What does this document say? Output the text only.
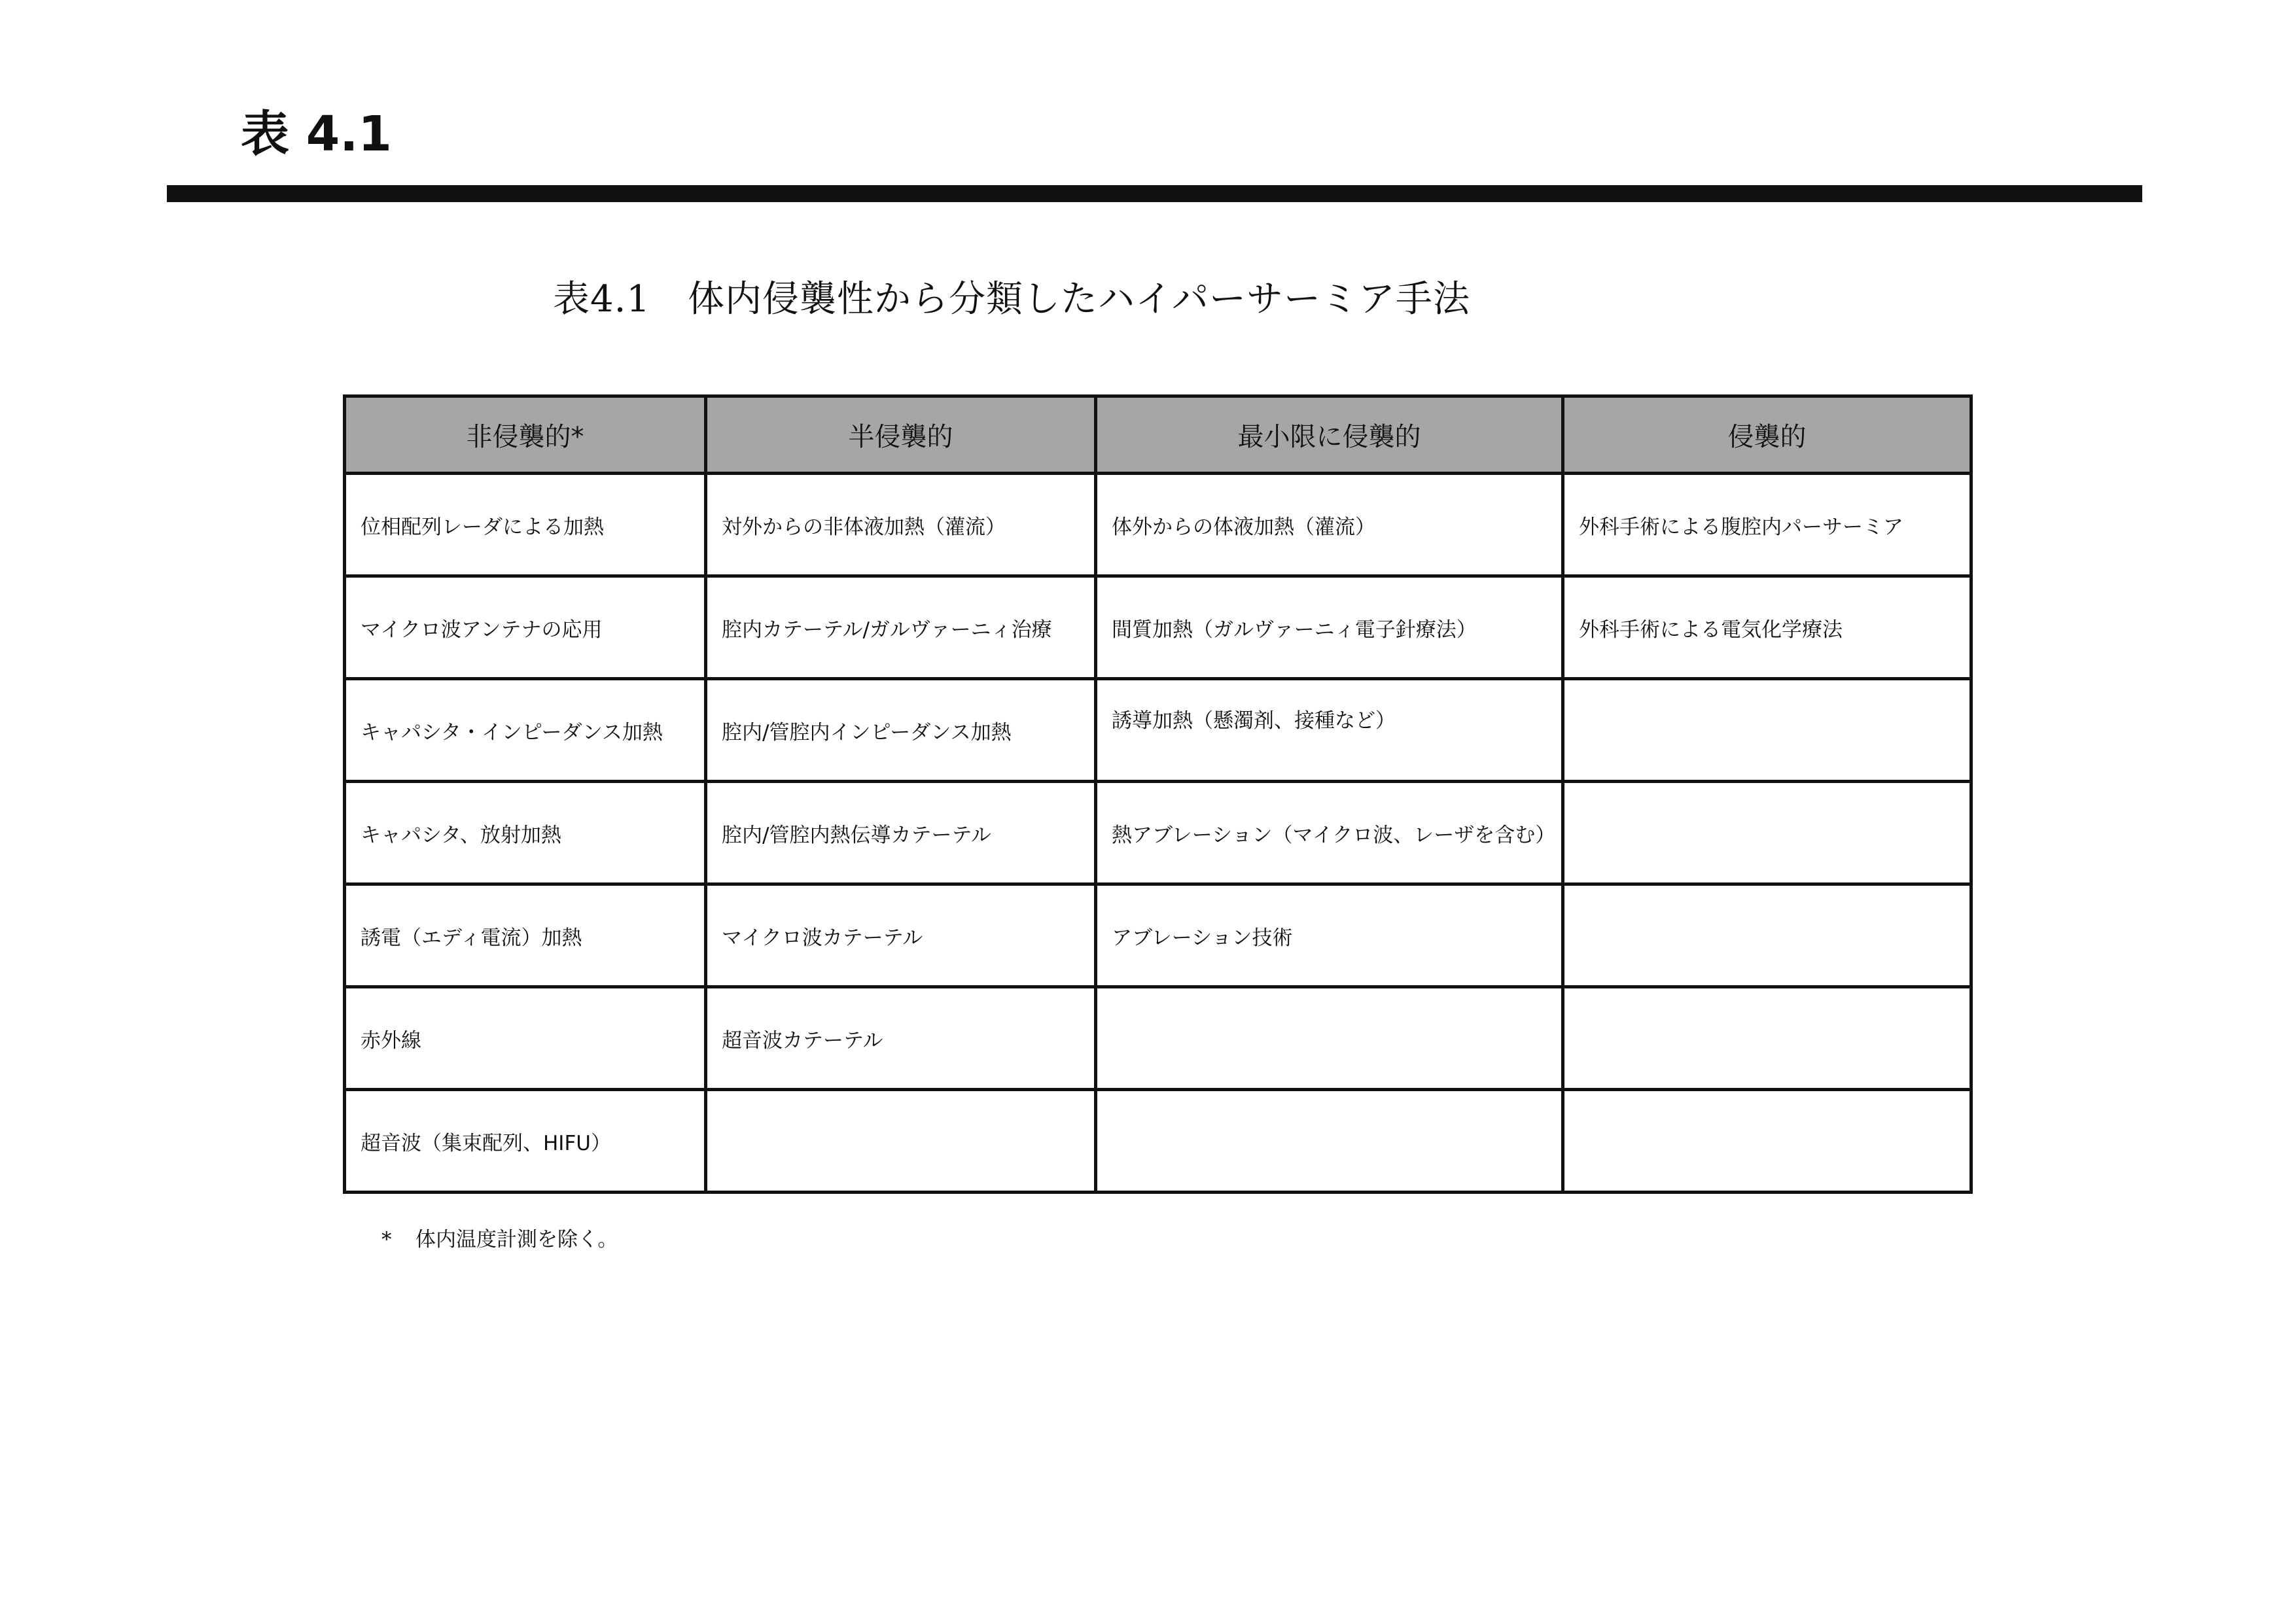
表 4.1
表4.1　体内侵襲性から分類したハイパーサーミア手法
非侵襲的*	半侵襲的	最小限に侵襲的	侵襲的
位相配列レーダによる加熱	対外からの非体液加熱（灌流）	体外からの体液加熱（灌流）	外科手術による腹腔内パーサーミア
マイクロ波アンテナの応用	腔内カテーテル/ガルヴァーニィ治療	間質加熱（ガルヴァーニィ電子針療法）	外科手術による電気化学療法
キャパシタ・インピーダンス加熱	腔内/管腔内インピーダンス加熱	誘導加熱（懸濁剤、接種など）	
キャパシタ、放射加熱	腔内/管腔内熱伝導カテーテル	熱アブレーション（マイクロ波、レーザを含む）	
誘電（エディ電流）加熱	マイクロ波カテーテル	アブレーション技術	
赤外線	超音波カテーテル		
超音波（集束配列、HIFU）			
* 体内温度計測を除く。
